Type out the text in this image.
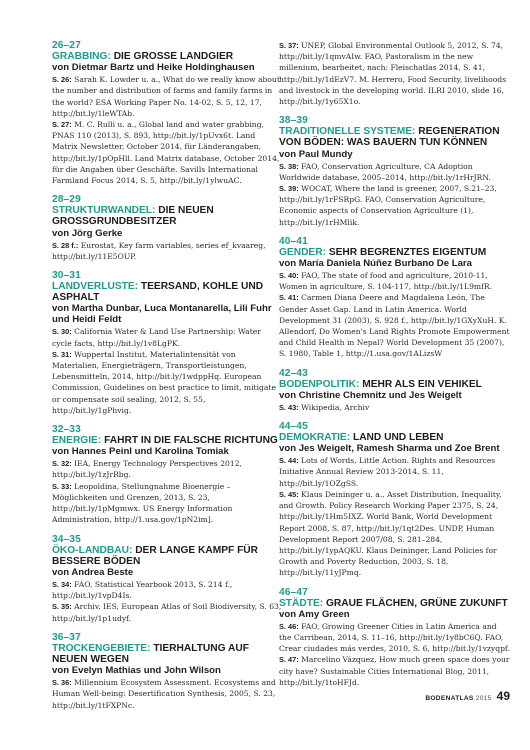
26–27
GRABBING: DIE GROSSE LANDGIER
von Dietmar Bartz und Heike Holdinghausen
S. 26: Sarah K. Lowder u. a., What do we really know about the number and distribution of farms and family farms in the world? ESA Working Paper No. 14-02, S. 5, 12, 17, http://bit.ly/1leWTAb.
S. 27: M. C. Rulli u. a., Global land and water grabbing, PNAS 110 (2013), S. 893, http://bit.ly/1pUvx6t. Land Matrix Newsletter, October 2014, für Länderangaben, http://bit.ly/1pOpHll. Land Matrix database, October 2014, für die Angaben über Geschäfte. Savills International Farmland Focus 2014, S. 5, http://bit.ly/1ylwuAC.
28–29
STRUKTURWANDEL: DIE NEUEN GROSSGRUNDBESITZER
von Jörg Gerke
S. 28 f.: Eurostat, Key farm variables, series ef_kvaareg, http://bit.ly/11E5OUP.
30–31
LANDVERLUSTE: TEERSAND, KOHLE UND ASPHALT
von Martha Dunbar, Luca Montanarella, Lili Fuhr und Heidi Feldt
S. 30: California Water & Land Use Partnership: Water cycle facts, http://bit.ly/1v8LgPK.
S. 31: Wuppertal Institut, Materialintensität von Materialien, Energieträgern, Transportleistungen, Lebensmitteln, 2014, http://bit.ly/1wdppHq. European Commission, Guidelines on best practice to limit, mitigate or compensate soil sealing, 2012, S. 55, http://bit.ly/1gPhvig.
32–33
ENERGIE: FAHRT IN DIE FALSCHE RICHTUNG
von Hannes Peinl und Karolina Tomiak
S. 32: IEA, Energy Technology Perspectives 2012, http://bit.ly/1zJrRbg.
S. 33: Leopoldina, Stellungnahme Bioenergie – Möglichkeiten und Grenzen, 2013, S. 23, http://bit.ly/1pMgmwx. US Energy Information Administration, http://1.usa.gov/1pN2im].
34–35
ÖKO-LANDBAU: DER LANGE KAMPF FÜR BESSERE BÖDEN
von Andrea Beste
S. 34: FAO, Statistical Yearbook 2013, S. 214 f., http://bit.ly/1vpD4Is.
S. 35: Archiv. IES, European Atlas of Soil Biodiversity, S. 63, http://bit.ly/1p1udyf.
36–37
TROCKENGEBIETE: TIERHALTUNG AUF NEUEN WEGEN
von Evelyn Mathias und John Wilson
S. 36: Millennium Ecosystem Assessment. Ecosystems and Human Well-being: Desertification Synthesis, 2005, S. 23, http://bit.ly/1tFXPNc.
S. 37: UNEP, Global Environmental Outlook 5, 2012, S. 74, http://bit.ly/1qmvAIw. FAO, Pastoralism in the new millenium, bearbeitet, nach: Fleischatlas 2014, S. 41, http://bit.ly/1dEzV7. M. Herrero, Food Security, livelihoods and livestock in the developing world. ILRI 2010, slide 16, http://bit.ly/1y65X1o.
38–39
TRADITIONELLE SYSTEME: REGENERATION VON BÖDEN: WAS BAUERN TUN KÖNNEN
von Paul Mundy
S. 38: FAO, Conservation Agriculture, CA Adoption Worldwide database, 2005–2014, http://bit.ly/1rHrJRN.
S. 39: WOCAT, Where the land is greener, 2007, S.21–23, http://bit.ly/1rFSRpG. FAO, Conservation Agriculture, Economic aspects of Conservation Agriculture (1), http://bit.ly/1rHMlik.
40–41
GENDER: SEHR BEGRENZTES EIGENTUM
von María Daniela Núñez Burbano De Lara
S. 40: FAO, The state of food and agriculture, 2010-11, Women in agriculture, S. 104-117, http://bit.ly/1L9mfR.
S. 41: Carmen Diana Deere and Magdalena León, The Gender Asset Gap. Land in Latin America. World Development 31 (2003), S. 928 f., http://bit.ly/1GXyXuH. K. Allendorf, Do Women's Land Rights Promote Empowerment and Child Health in Nepal? World Development 35 (2007), S. 1980, Table 1, http://1.usa.gov/1ALizsW
42–43
BODENPOLITIK: MEHR ALS EIN VEHIKEL
von Christine Chemnitz und Jes Weigelt
S. 43: Wikipedia, Archiv
44–45
DEMOKRATIE: LAND UND LEBEN
von Jes Weigelt, Ramesh Sharma und Zoe Brent
S. 44: Lots of Words, Little Action. Rights and Resources Initiative Annual Review 2013-2014, S. 11, http://bit.ly/1OZgSS.
S. 45: Klaus Deininger u. a., Asset Distribution, Inequality, and Growth. Policy Research Working Paper 2375, S. 24, http://bit.ly/1Hm5IXZ. World Bank, World Development Report 2008, S. 87, http://bit.ly/1qt2Des. UNDP, Human Development Report 2007/08, S. 281–284, http://bit.ly/1ypAQKU. Klaus Deininger, Land Policies for Growth and Poverty Reduction, 2003, S. 18, http://bit.ly/11yJPmq.
46–47
STÄDTE: GRAUE FLÄCHEN, GRÜNE ZUKUNFT
von Amy Green
S. 46: FAO, Growing Greener Cities in Latin America and the Carribean, 2014, S. 11–16, http://bit.ly/1y8bC6Q. FAO, Crear ciudades más verdes, 2010, S. 6, http://bit.ly/1vzyqpf.
S. 47: Marcelino Vázquez, How much green space does your city have? Sustainable Cities International Blog, 2011, http://bit.ly/1toHFJd.
BODENATLAS 2015 49
